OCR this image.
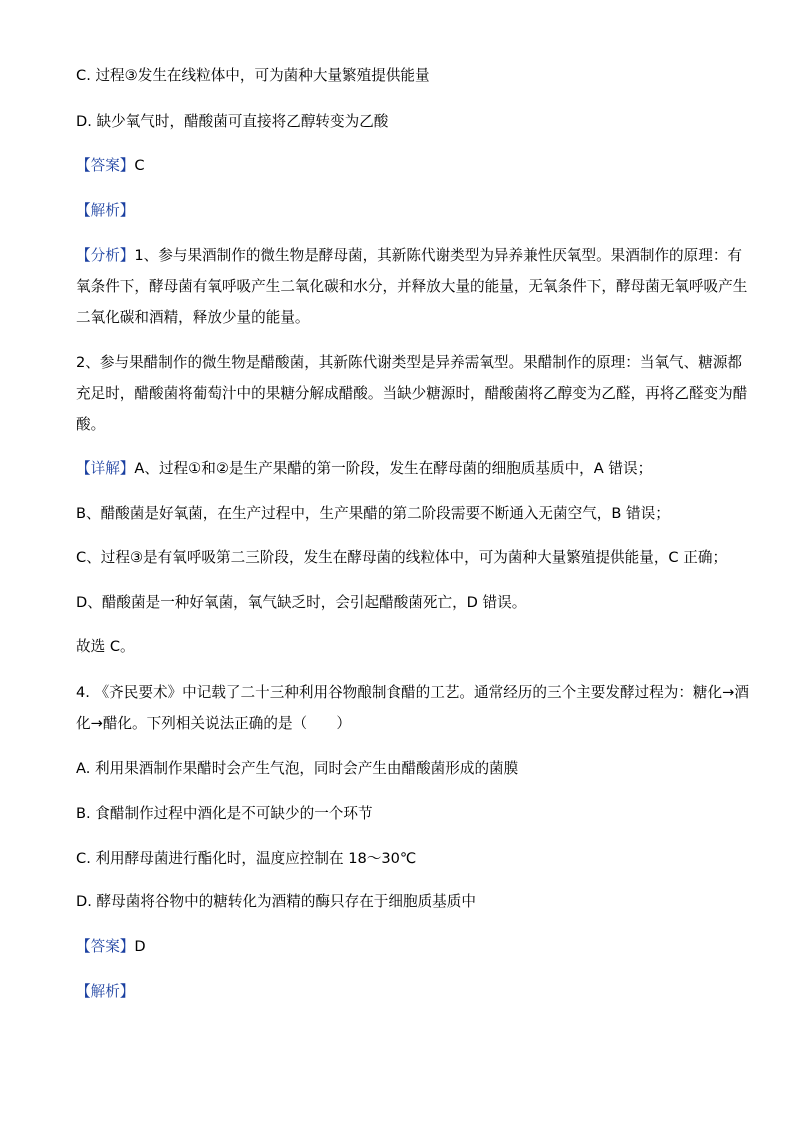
C. 过程③发生在线粒体中，可为菌种大量繁殖提供能量
D. 缺少氧气时，醋酸菌可直接将乙醇转变为乙酸
【答案】C
【解析】
【分析】1、参与果酒制作的微生物是酵母菌，其新陈代谢类型为异养兼性厌氧型。果酒制作的原理：有
氧条件下，酵母菌有氧呼吸产生二氧化碳和水分，并释放大量的能量，无氧条件下，酵母菌无氧呼吸产生
二氧化碳和酒精，释放少量的能量。
2、参与果醋制作的微生物是醋酸菌，其新陈代谢类型是异养需氧型。果醋制作的原理：当氧气、糖源都
充足时，醋酸菌将葡萄汁中的果糖分解成醋酸。当缺少糖源时，醋酸菌将乙醇变为乙醛，再将乙醛变为醋
酸。
【详解】A、过程①和②是生产果醋的第一阶段，发生在酵母菌的细胞质基质中，A 错误；
B、醋酸菌是好氧菌，在生产过程中，生产果醋的第二阶段需要不断通入无菌空气，B 错误；
C、过程③是有氧呼吸第二三阶段，发生在酵母菌的线粒体中，可为菌种大量繁殖提供能量，C 正确；
D、醋酸菌是一种好氧菌，氧气缺乏时，会引起醋酸菌死亡，D 错误。
故选 C。
4. 《齐民要术》中记载了二十三种利用谷物酿制食醋的工艺。通常经历的三个主要发酵过程为：糖化→酒
化→醋化。下列相关说法正确的是（　　）
A. 利用果酒制作果醋时会产生气泡，同时会产生由醋酸菌形成的菌膜
B. 食醋制作过程中酒化是不可缺少的一个环节
C. 利用酵母菌进行酯化时，温度应控制在 18～30℃
D. 酵母菌将谷物中的糖转化为酒精的酶只存在于细胞质基质中
【答案】D
【解析】
